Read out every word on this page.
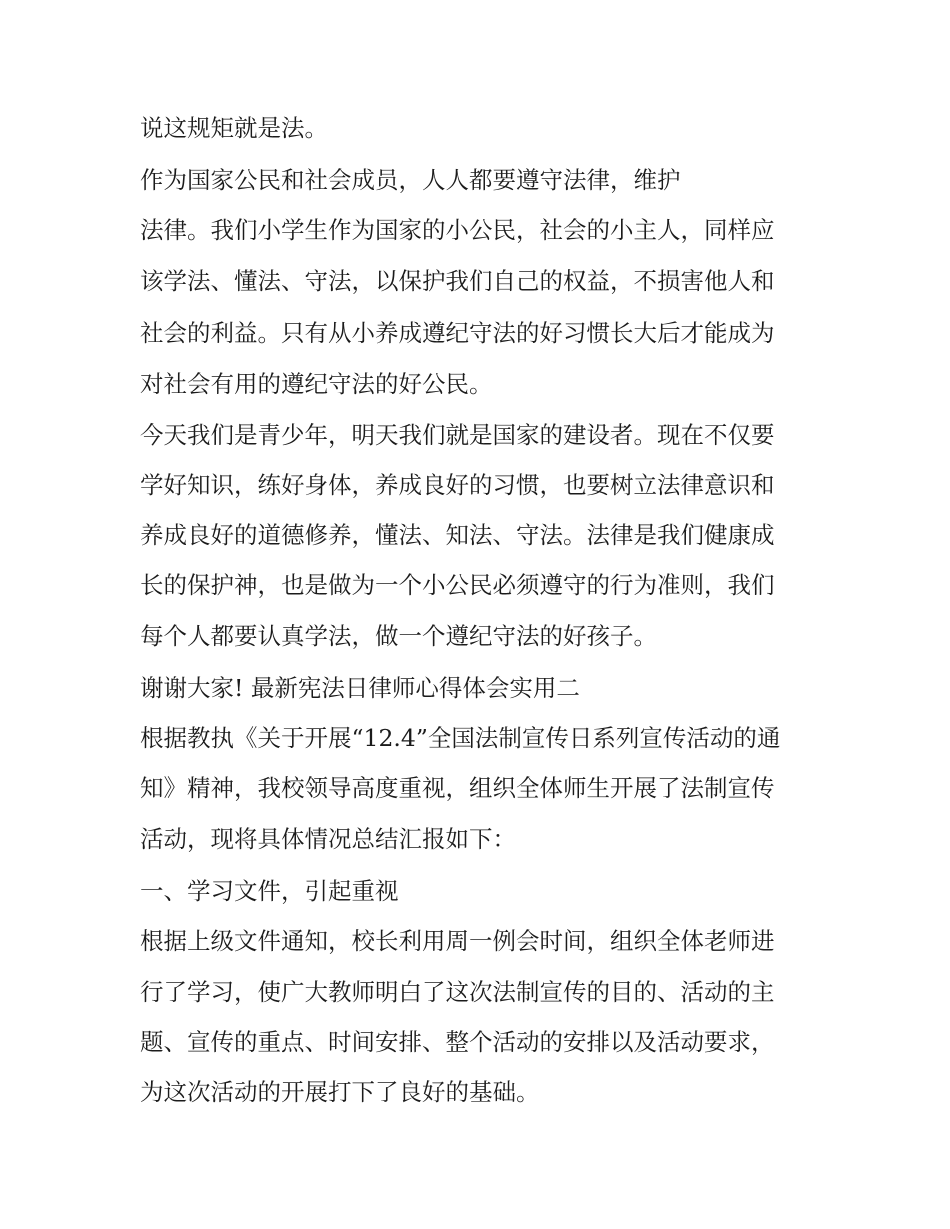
说这规矩就是法。

作为国家公民和社会成员，人人都要遵守法律，维护

法律。我们小学生作为国家的小公民，社会的小主人，同样应

该学法、懂法、守法，以保护我们自己的权益，不损害他人和

社会的利益。只有从小养成遵纪守法的好习惯长大后才能成为

对社会有用的遵纪守法的好公民。

今天我们是青少年，明天我们就是国家的建设者。现在不仅要

学好知识，练好身体，养成良好的习惯，也要树立法律意识和

养成良好的道德修养，懂法、知法、守法。法律是我们健康成

长的保护神，也是做为一个小公民必须遵守的行为准则，我们

每个人都要认真学法，做一个遵纪守法的好孩子。

谢谢大家! 最新宪法日律师心得体会实用二

根据教执《关于开展“12.4”全国法制宣传日系列宣传活动的通

知》精神，我校领导高度重视，组织全体师生开展了法制宣传

活动，现将具体情况总结汇报如下：

一、学习文件，引起重视

根据上级文件通知，校长利用周一例会时间，组织全体老师进

行了学习，使广大教师明白了这次法制宣传的目的、活动的主

题、宣传的重点、时间安排、整个活动的安排以及活动要求，

为这次活动的开展打下了良好的基础。
